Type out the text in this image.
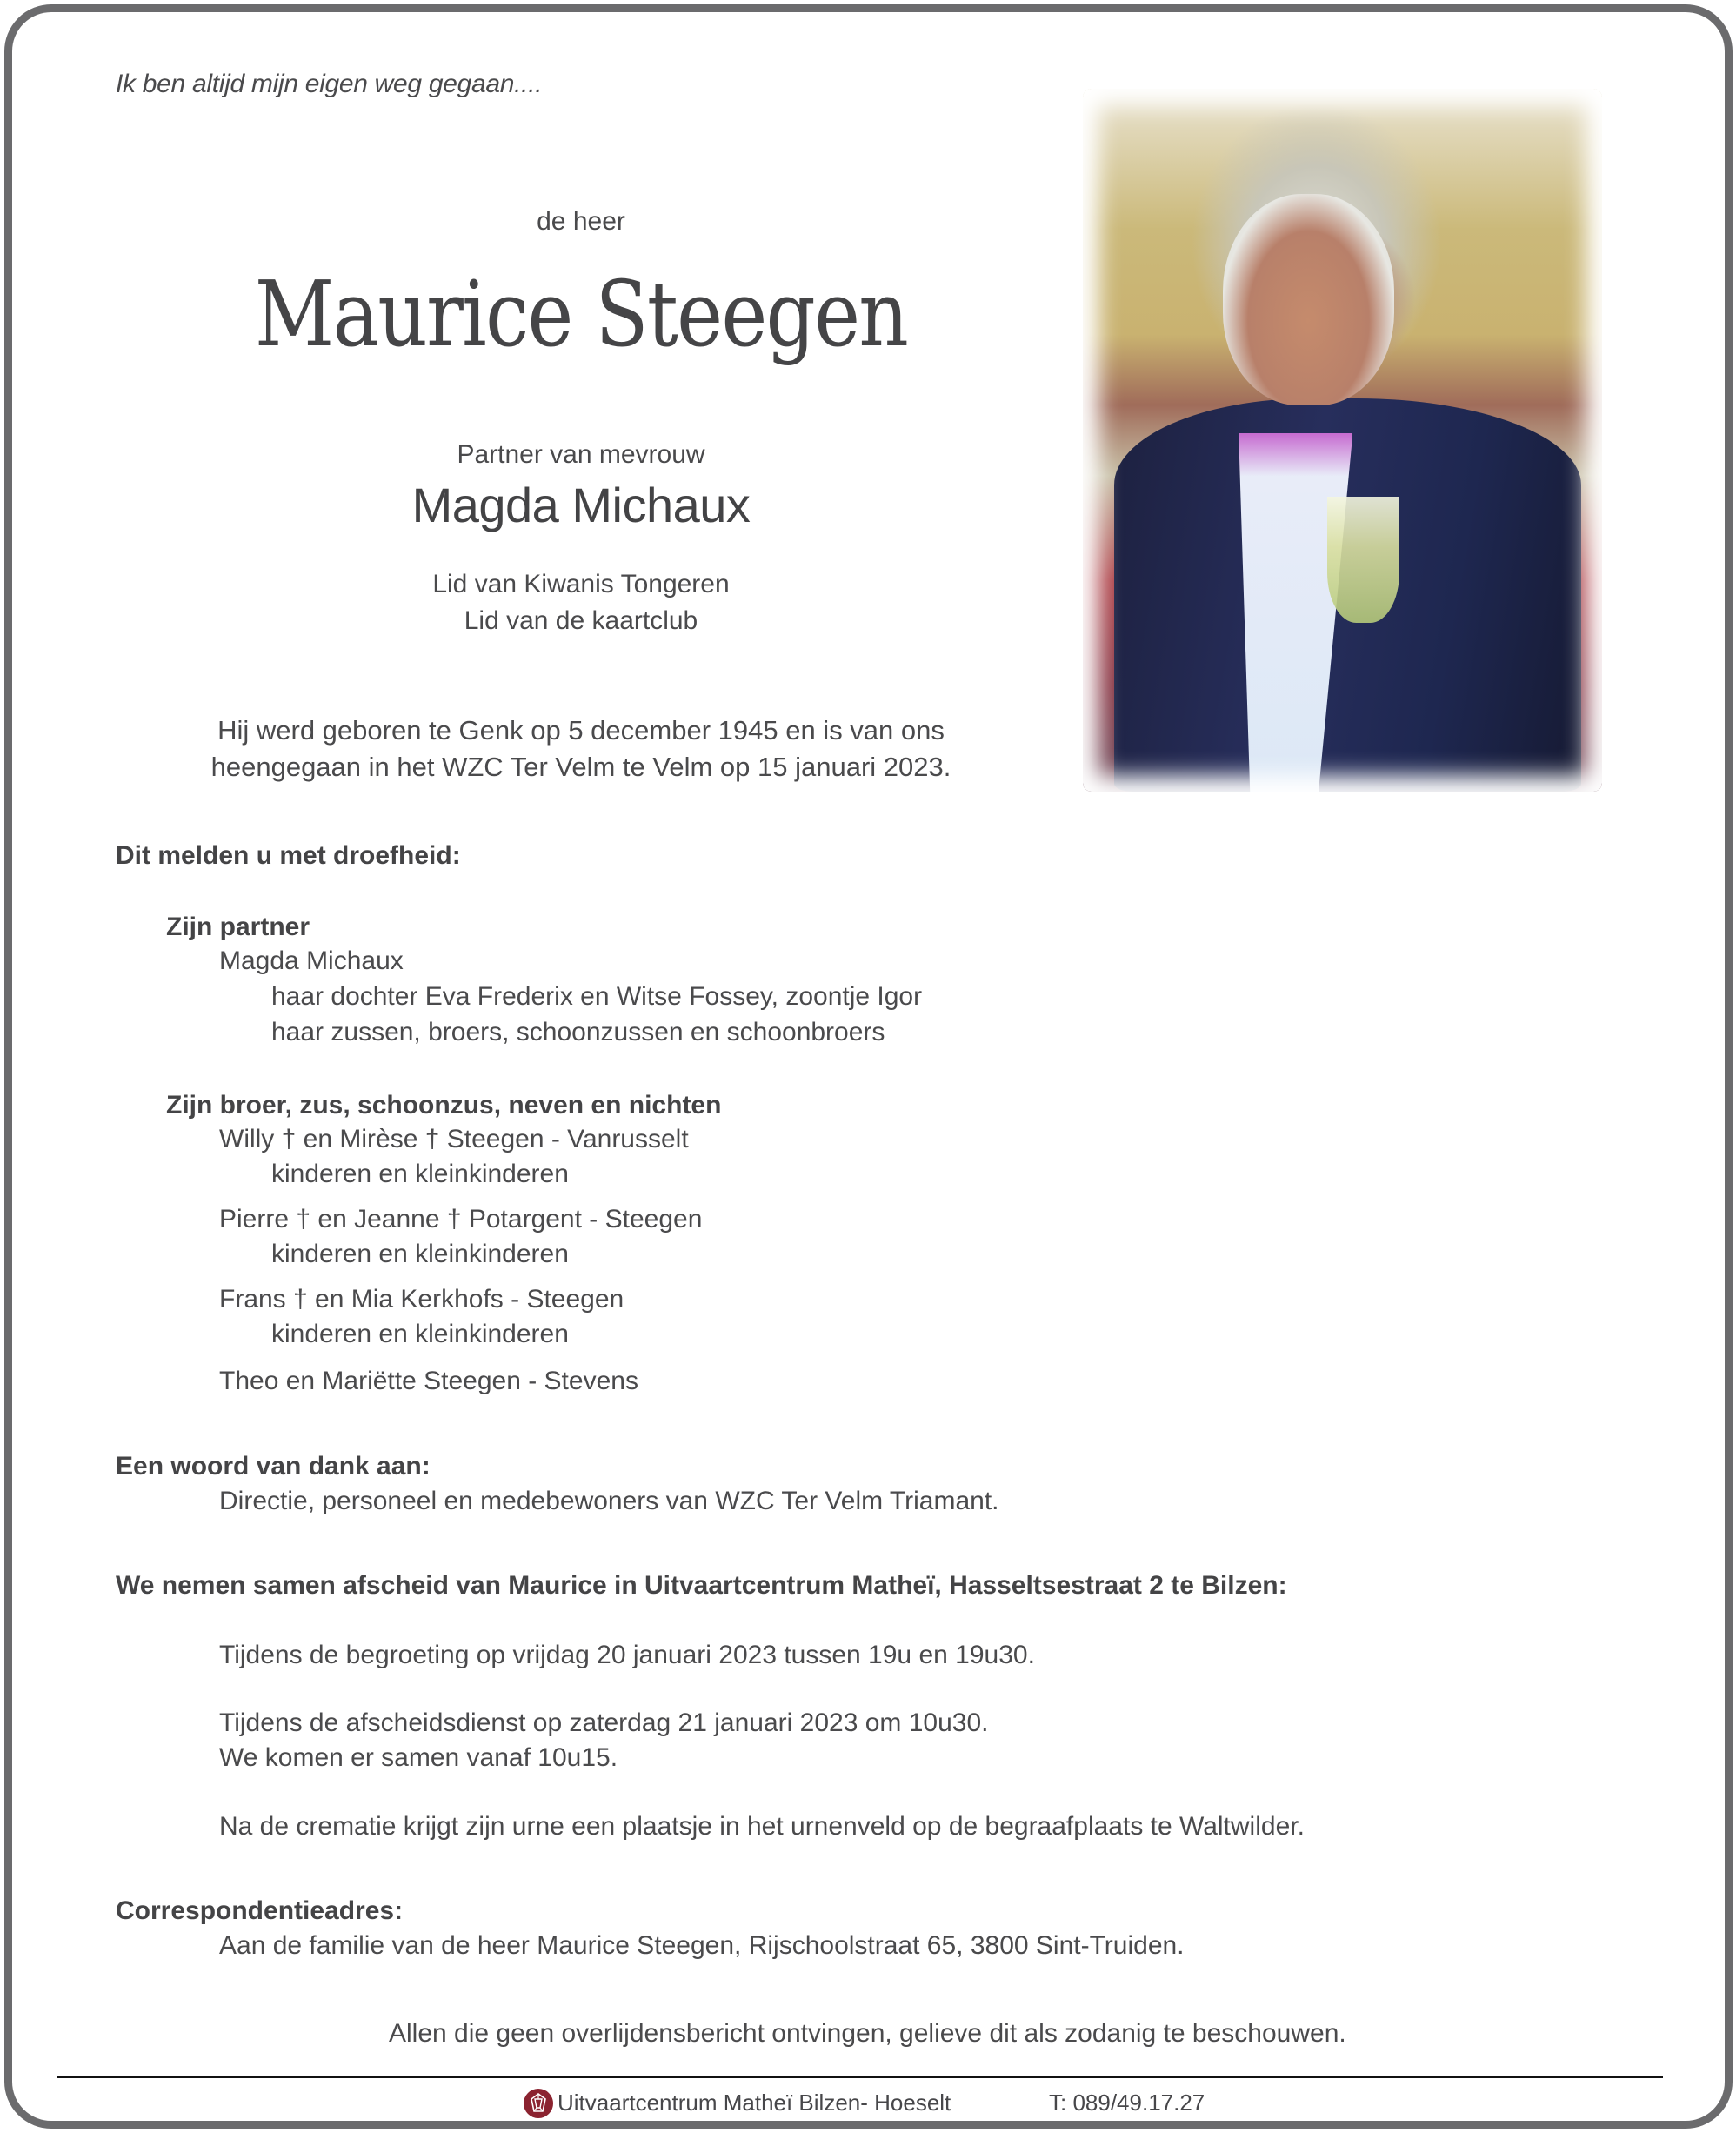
Ik ben altijd mijn eigen weg gegaan....
de heer
Maurice Steegen
Partner van mevrouw
Magda Michaux
Lid van Kiwanis Tongeren
Lid van de kaartclub
Hij werd geboren te Genk op 5 december 1945 en is van ons
heengegaan in het WZC Ter Velm te Velm op 15 januari 2023.
Dit melden u met droefheid:
Zijn partner
Magda Michaux
haar dochter Eva Frederix en Witse Fossey, zoontje Igor
haar zussen, broers, schoonzussen en schoonbroers
Zijn broer, zus, schoonzus, neven en nichten
Willy † en Mirèse † Steegen - Vanrusselt
kinderen en kleinkinderen
Pierre † en Jeanne † Potargent - Steegen
kinderen en kleinkinderen
Frans † en Mia Kerkhofs - Steegen
kinderen en kleinkinderen
Theo en Mariëtte Steegen - Stevens
Een woord van dank aan:
Directie, personeel en medebewoners van WZC Ter Velm Triamant.
We nemen samen afscheid van Maurice in Uitvaartcentrum Matheï, Hasseltsestraat 2 te Bilzen:
Tijdens de begroeting op vrijdag 20 januari 2023 tussen 19u en 19u30.
Tijdens de afscheidsdienst op zaterdag 21 januari 2023 om 10u30.
We komen er samen vanaf 10u15.
Na de crematie krijgt zijn urne een plaatsje in het urnenveld op de begraafplaats te Waltwilder.
Correspondentieadres:
Aan de familie van de heer Maurice Steegen, Rijschoolstraat 65, 3800 Sint-Truiden.
Allen die geen overlijdensbericht ontvingen, gelieve dit als zodanig te beschouwen.
Uitvaartcentrum Matheï Bilzen- Hoeselt	T: 089/49.17.27
